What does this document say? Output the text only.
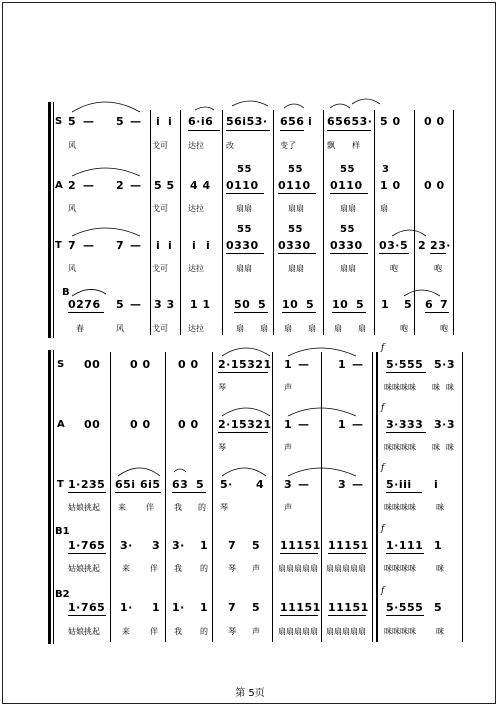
S 5 — 5 — i i 6·i6 56i53· 656 i 65653· 5 0 0 0
风	戈可	达拉	改	变了	飘 样
A 2 — 2 — 5 5 4 4
55
0110
55
0110
55
0110
3
1 0 0 0
风	戈可	达拉	扇扇	扇扇	扇扇	扇
T 7 — 7 — i i i i
55
0330
55
0330
55
0330 03·5 2 23·
风	戈可	达拉	扇扇	扇扇	扇扇	咆	咆
B
0276 5 — 3 3 1 1 50 5 10 5 10 5 1 5 6 7
春	风	戈可	达拉	扇 扇 扇 扇 扇 扇	咆	咆
S 00	0 0 0 0 2·15321 1 —	1 — 5·555 5·3
f
琴	声	咪咪咪咪 咪 咪
A 00	0 0 0 0 2·15321 1 —	1 — 3·333 3·3
f
琴	声	咪咪咪咪 咪 咪
T 1·235 65i 6i5 63 5 5· 4 3 —	3 — 5·iii i
f
姑娘挑起 来	伴	我 的 琴	声	咪咪咪咪	咪
B1
1·765 3· 3 3· 1 7 5 11151 11151 1·111 1
f
姑娘挑起	来	伴 我 的	琴 声 扇扇扇扇扇 扇扇扇扇扇 咪咪咪咪	咪
B2
1·765 1· 1 1· 1 7 5 11151 11151 5·555 5
f
姑娘挑起	来	伴 我 的	琴 声 扇扇扇扇扇 扇扇扇扇扇 咪咪咪咪	咪
第 5页
